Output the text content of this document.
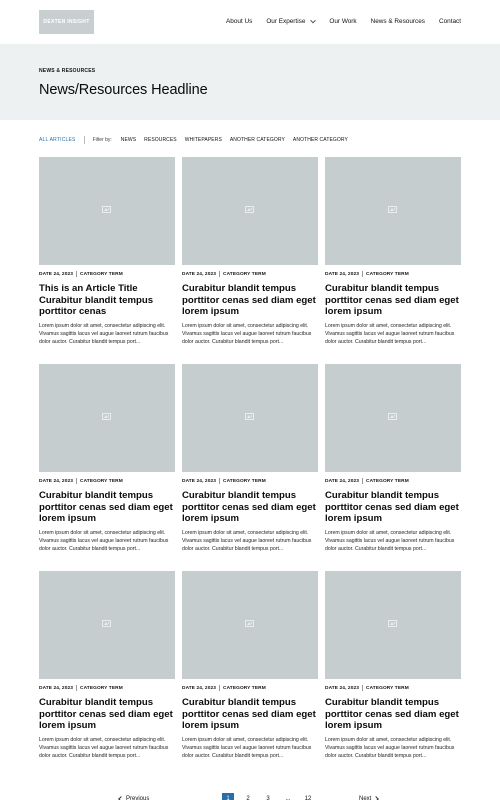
DEXTEN INSIGHT	About Us Our Expertise	Our Work News & Resources Contact
NEWS & RESOURCES
News/Resources Headline
ALL ARTICLES	Filter by: NEWS RESOURCES WHITEPAPERS ANOTHER CATEGORY ANOTHER CATEGORY
DATE 24, 2023 CATEGORY TERM
This is an Article Title Curabitur blandit tempus porttitor cenas
Lorem ipsum dolor sit amet, consectetur adipiscing elit. Vivamus sagittis lacus vel augue laoreet rutrum faucibus dolor auctor. Curabitur blandit tempus port...
DATE 24, 2023 CATEGORY TERM
Curabitur blandit tempus porttitor cenas sed diam eget lorem ipsum
Lorem ipsum dolor sit amet, consectetur adipiscing elit. Vivamus sagittis lacus vel augue laoreet rutrum faucibus dolor auctor. Curabitur blandit tempus port...
DATE 24, 2023 CATEGORY TERM
Curabitur blandit tempus porttitor cenas sed diam eget lorem ipsum
Lorem ipsum dolor sit amet, consectetur adipiscing elit. Vivamus sagittis lacus vel augue laoreet rutrum faucibus dolor auctor. Curabitur blandit tempus port...
DATE 24, 2023 CATEGORY TERM
Curabitur blandit tempus porttitor cenas sed diam eget lorem ipsum
Lorem ipsum dolor sit amet, consectetur adipiscing elit. Vivamus sagittis lacus vel augue laoreet rutrum faucibus dolor auctor. Curabitur blandit tempus port...
DATE 24, 2023 CATEGORY TERM
Curabitur blandit tempus porttitor cenas sed diam eget lorem ipsum
Lorem ipsum dolor sit amet, consectetur adipiscing elit. Vivamus sagittis lacus vel augue laoreet rutrum faucibus dolor auctor. Curabitur blandit tempus port...
DATE 24, 2023 CATEGORY TERM
Curabitur blandit tempus porttitor cenas sed diam eget lorem ipsum
Lorem ipsum dolor sit amet, consectetur adipiscing elit. Vivamus sagittis lacus vel augue laoreet rutrum faucibus dolor auctor. Curabitur blandit tempus port...
DATE 24, 2023 CATEGORY TERM
Curabitur blandit tempus porttitor cenas sed diam eget lorem ipsum
Lorem ipsum dolor sit amet, consectetur adipiscing elit. Vivamus sagittis lacus vel augue laoreet rutrum faucibus dolor auctor. Curabitur blandit tempus port...
DATE 24, 2023 CATEGORY TERM
Curabitur blandit tempus porttitor cenas sed diam eget lorem ipsum
Lorem ipsum dolor sit amet, consectetur adipiscing elit. Vivamus sagittis lacus vel augue laoreet rutrum faucibus dolor auctor. Curabitur blandit tempus port...
DATE 24, 2023 CATEGORY TERM
Curabitur blandit tempus porttitor cenas sed diam eget lorem ipsum
Lorem ipsum dolor sit amet, consectetur adipiscing elit. Vivamus sagittis lacus vel augue laoreet rutrum faucibus dolor auctor. Curabitur blandit tempus port...
Previous	1	2	3	...	12	Next
